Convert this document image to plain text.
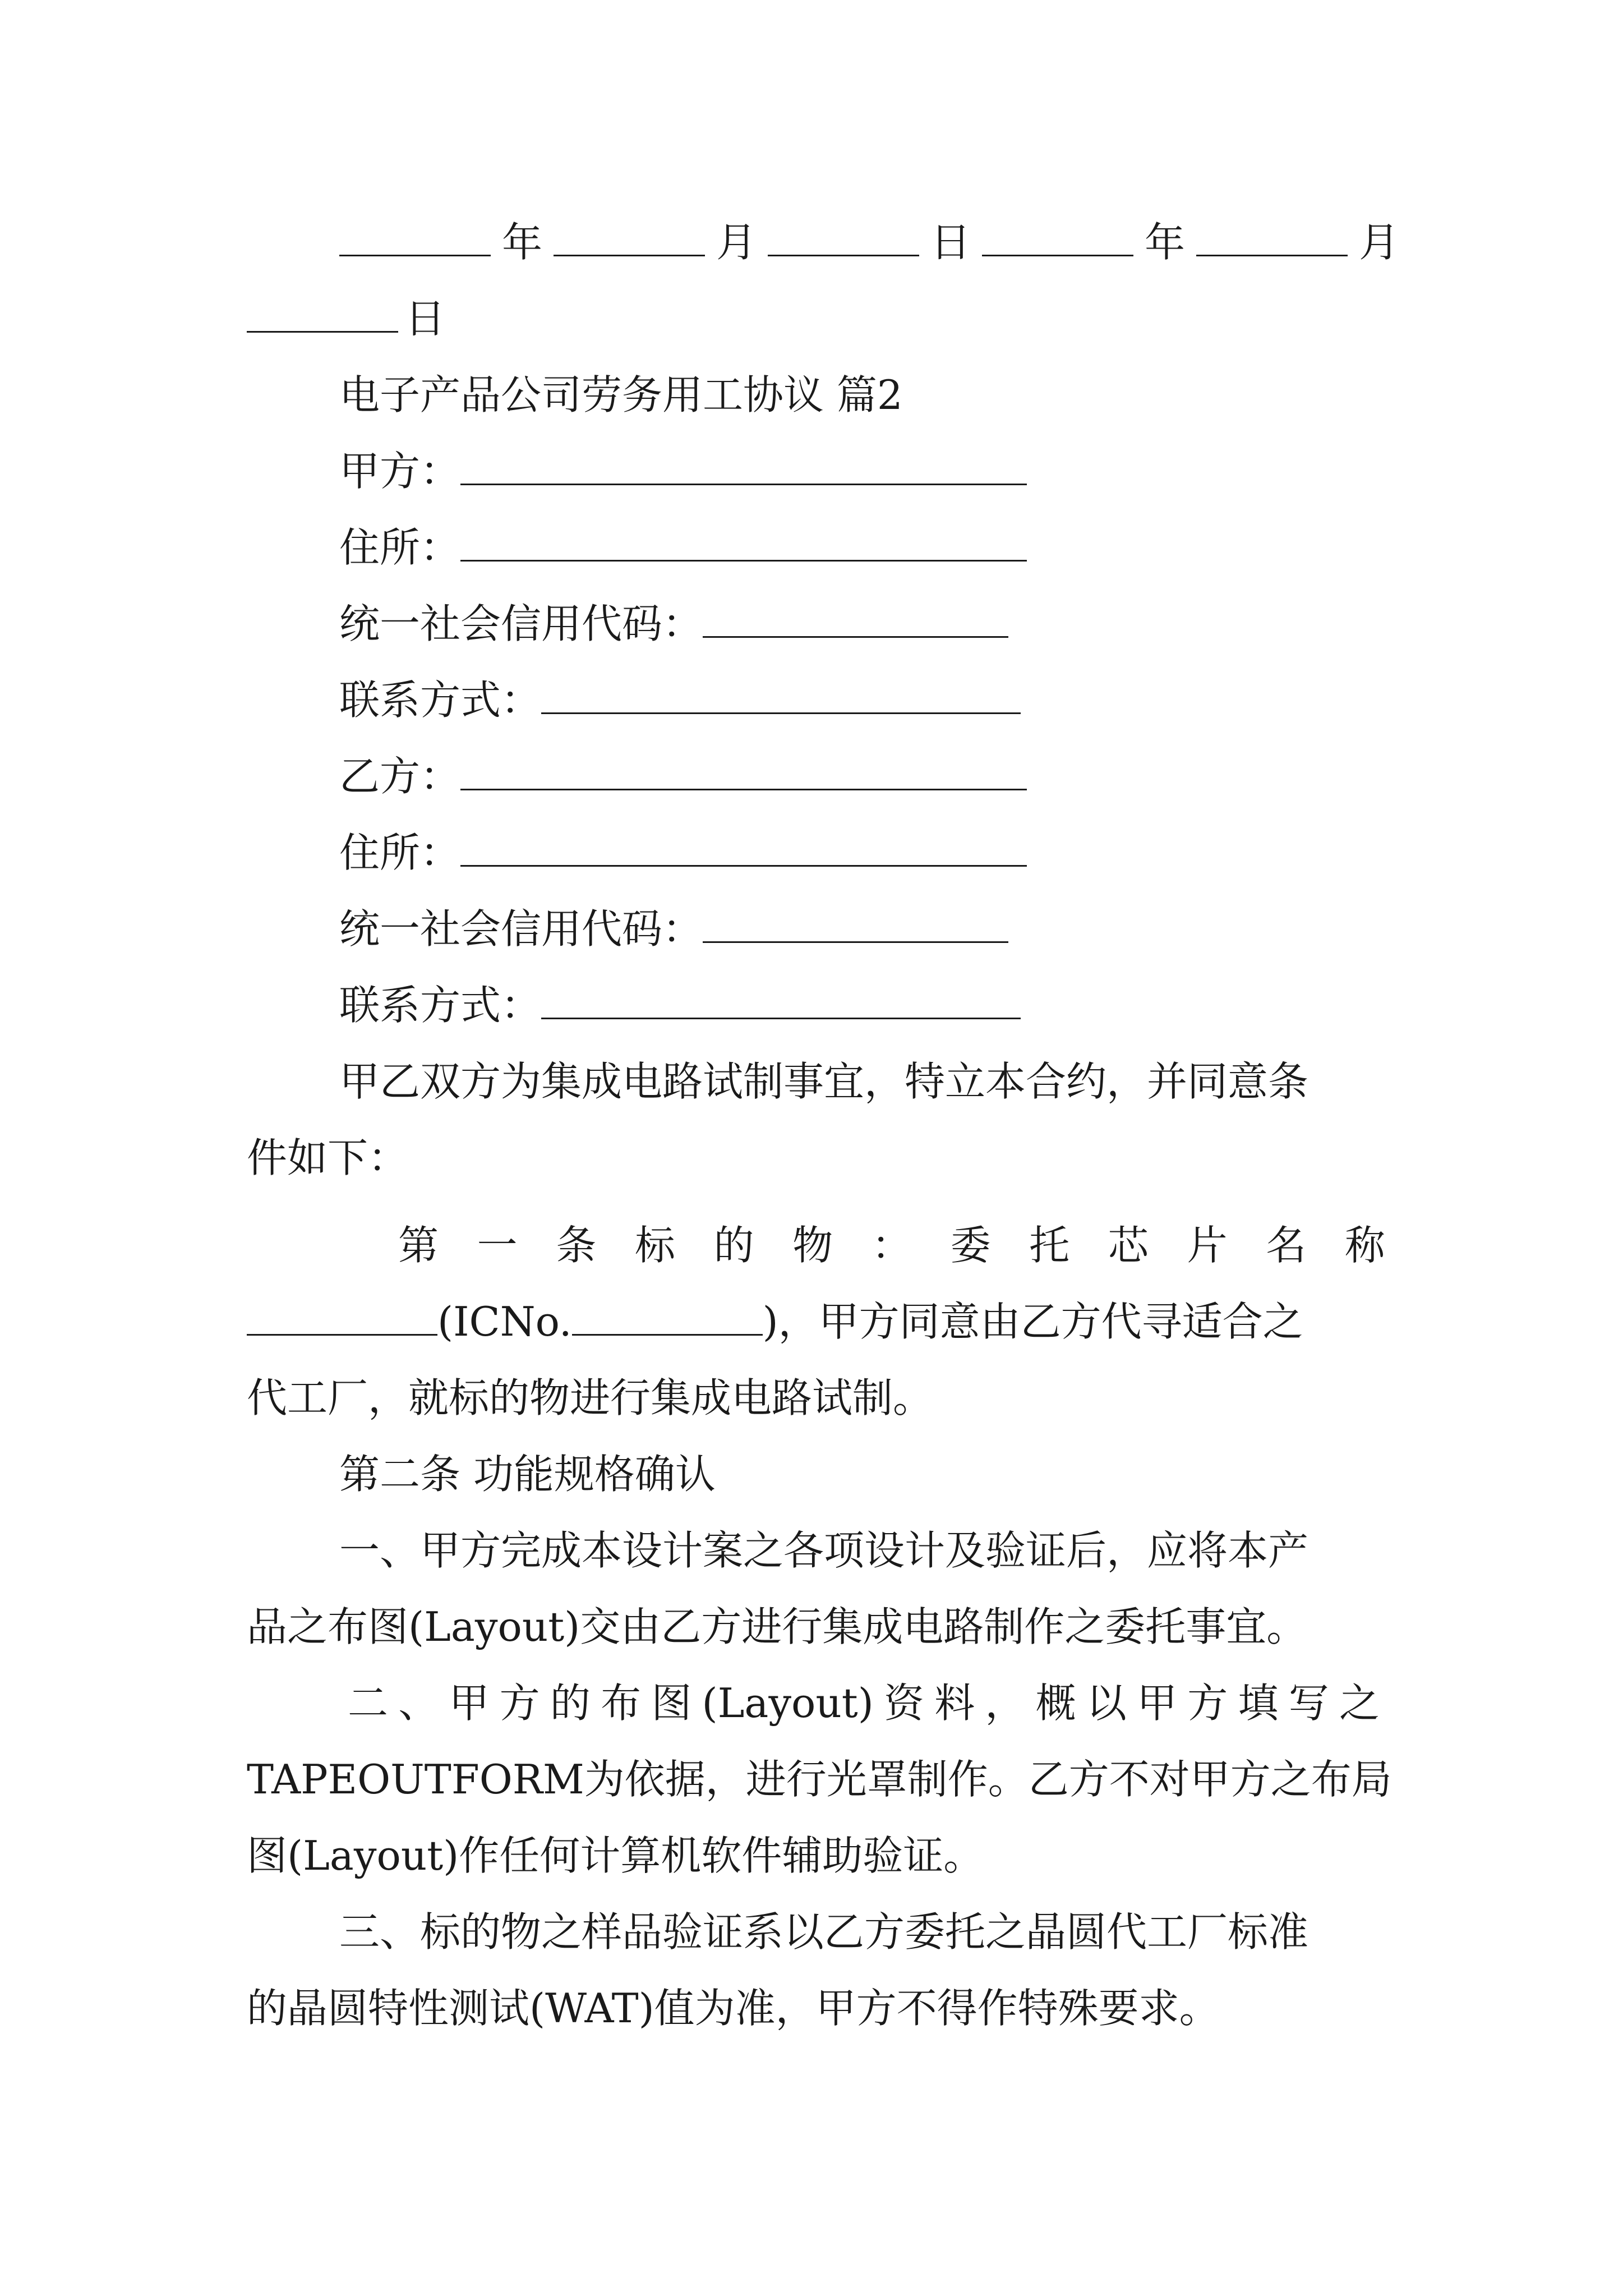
年	月	日	年	月
日
电子产品公司劳务用工协议 篇2
甲方：
住所：
统一社会信用代码：
联系方式：
乙方：
住所：
统一社会信用代码：
联系方式：
甲乙双方为集成电路试制事宜，特立本合约，并同意条
件如下：
第 一 条 标 的 物 ： 委 托 芯 片 名 称
(ICNo.	)，甲方同意由乙方代寻适合之
代工厂，就标的物进行集成电路试制。
第二条 功能规格确认
一、甲方完成本设计案之各项设计及验证后，应将本产
品之布图(Layout)交由乙方进行集成电路制作之委托事宜。
二 、 甲 方 的 布 图 (Layout) 资 料 ， 概 以 甲 方 填 写 之
TAPEOUTFORM为依据，进行光罩制作。乙方不对甲方之布局
图(Layout)作任何计算机软件辅助验证。
三、标的物之样品验证系以乙方委托之晶圆代工厂标准
的晶圆特性测试(WAT)值为准，甲方不得作特殊要求。
